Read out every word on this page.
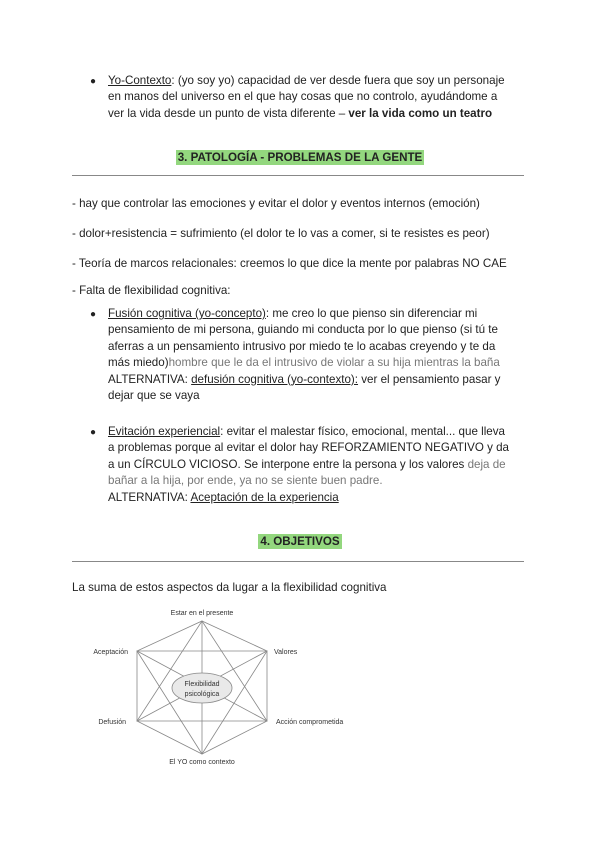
● Yo-Contexto: (yo soy yo) capacidad de ver desde fuera que soy un personaje
en manos del universo en el que hay cosas que no controlo, ayudándome a
ver la vida desde un punto de vista diferente – ver la vida como un teatro
3. PATOLOGÍA - PROBLEMAS DE LA GENTE
- hay que controlar las emociones y evitar el dolor y eventos internos (emoción)
- dolor+resistencia = sufrimiento (el dolor te lo vas a comer, si te resistes es peor)
- Teoría de marcos relacionales: creemos lo que dice la mente por palabras NO CAE
- Falta de flexibilidad cognitiva:
● Fusión cognitiva (yo-concepto): me creo lo que pienso sin diferenciar mi
pensamiento de mi persona, guiando mi conducta por lo que pienso (si tú te
aferras a un pensamiento intrusivo por miedo te lo acabas creyendo y te da
más miedo)hombre que le da el intrusivo de violar a su hija mientras la baña
ALTERNATIVA: defusión cognitiva (yo-contexto): ver el pensamiento pasar y
dejar que se vaya
● Evitación experiencial: evitar el malestar físico, emocional, mental... que lleva
a problemas porque al evitar el dolor hay REFORZAMIENTO NEGATIVO y da
a un CÍRCULO VICIOSO. Se interpone entre la persona y los valores deja de
bañar a la hija, por ende, ya no se siente buen padre.
ALTERNATIVA: Aceptación de la experiencia
4. OBJETIVOS
La suma de estos aspectos da lugar a la flexibilidad cognitiva
Flexibilidad
psicológica
Estar en el presente
Aceptación	Valores
Defusión	Acción comprometida
El YO como contexto
